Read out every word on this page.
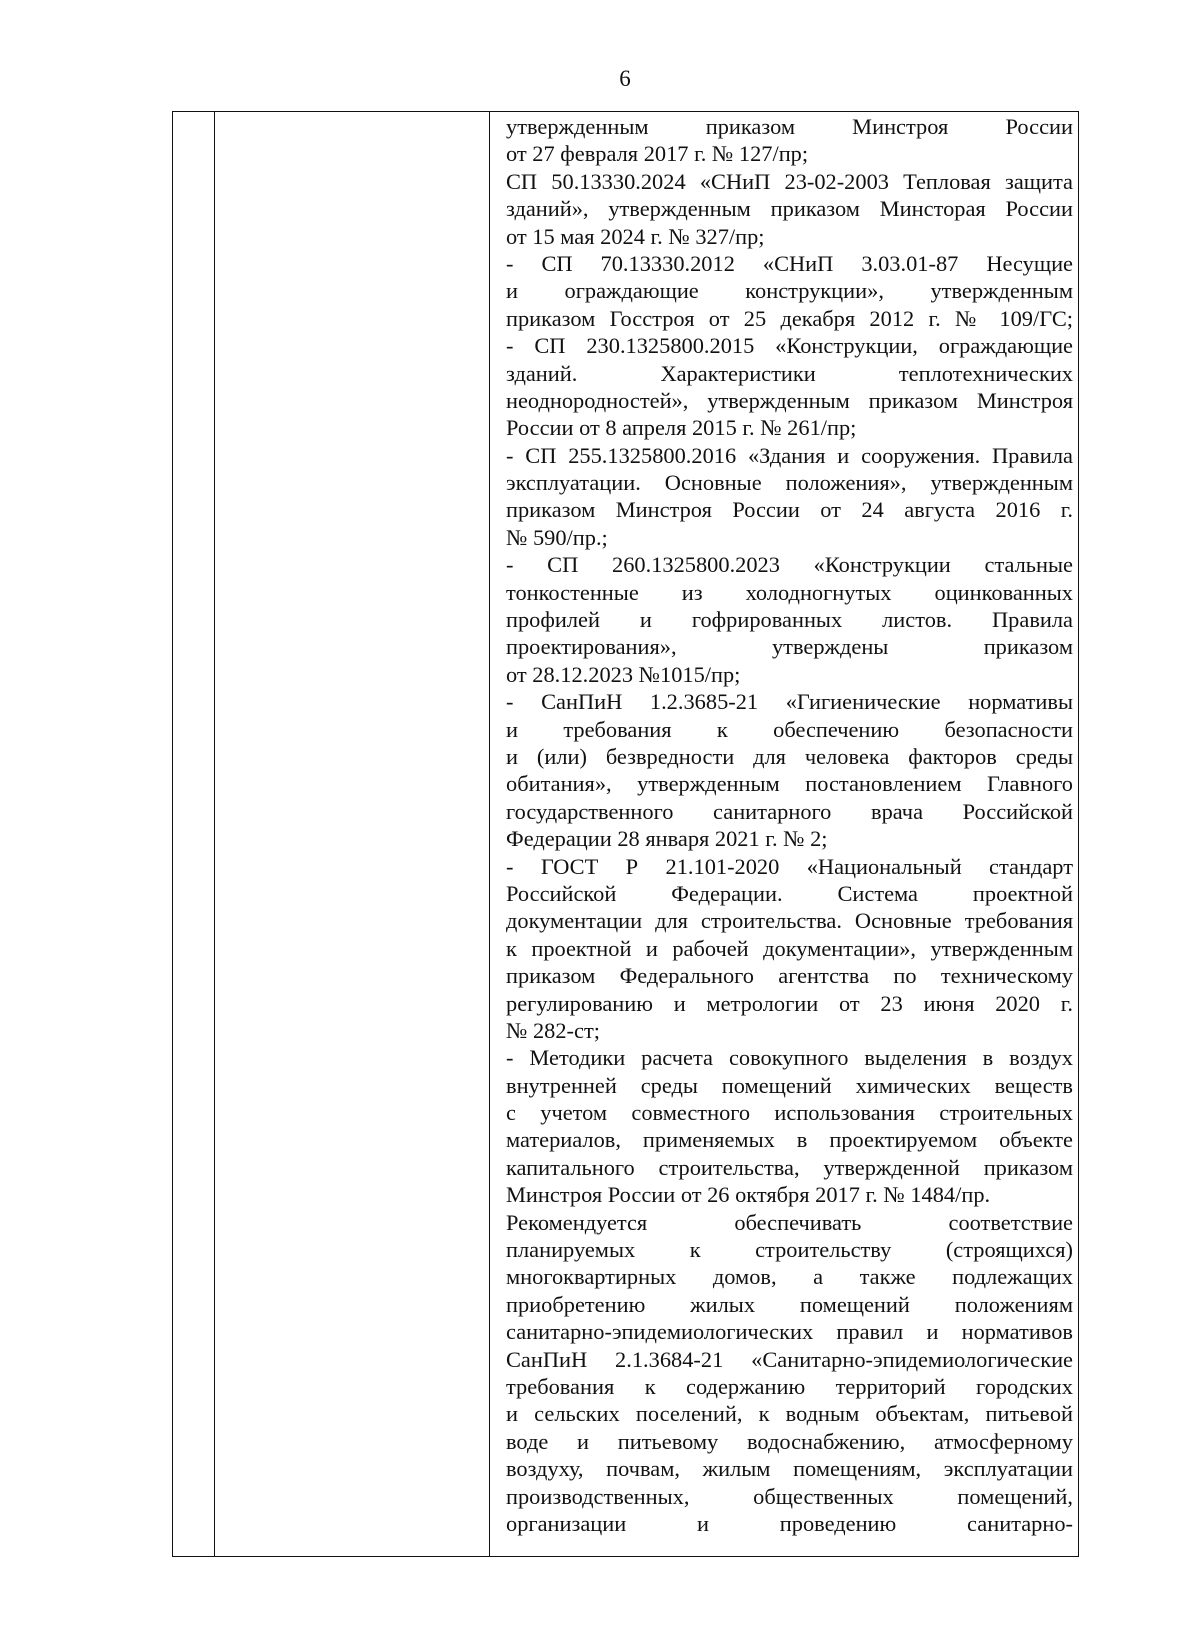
6
утвержденным приказом Минстроя России
от 27 февраля 2017 г. № 127/пр;
СП 50.13330.2024 «СНиП 23-02-2003 Тепловая защита
зданий», утвержденным приказом Минсторая России
от 15 мая 2024 г. № 327/пр;
- СП 70.13330.2012 «СНиП 3.03.01-87 Несущие
и ограждающие конструкции», утвержденным
приказом Госстроя от 25 декабря 2012 г. № 109/ГС;
- СП 230.1325800.2015 «Конструкции, ограждающие
зданий. Характеристики теплотехнических
неоднородностей», утвержденным приказом Минстроя
России от 8 апреля 2015 г. № 261/пр;
- СП 255.1325800.2016 «Здания и сооружения. Правила
эксплуатации. Основные положения», утвержденным
приказом Минстроя России от 24 августа 2016 г.
№ 590/пр.;
- СП 260.1325800.2023 «Конструкции стальные
тонкостенные из холодногнутых оцинкованных
профилей и гофрированных листов. Правила
проектирования», утверждены приказом
от 28.12.2023 №1015/пр;
- СанПиН 1.2.3685-21 «Гигиенические нормативы
и требования к обеспечению безопасности
и (или) безвредности для человека факторов среды
обитания», утвержденным постановлением Главного
государственного санитарного врача Российской
Федерации 28 января 2021 г. № 2;
- ГОСТ Р 21.101-2020 «Национальный стандарт
Российской Федерации. Система проектной
документации для строительства. Основные требования
к проектной и рабочей документации», утвержденным
приказом Федерального агентства по техническому
регулированию и метрологии от 23 июня 2020 г.
№ 282-ст;
- Методики расчета совокупного выделения в воздух
внутренней среды помещений химических веществ
с учетом совместного использования строительных
материалов, применяемых в проектируемом объекте
капитального строительства, утвержденной приказом
Минстроя России от 26 октября 2017 г. № 1484/пр.
Рекомендуется обеспечивать соответствие
планируемых к строительству (строящихся)
многоквартирных домов, а также подлежащих
приобретению жилых помещений положениям
санитарно-эпидемиологических правил и нормативов
СанПиН 2.1.3684-21 «Санитарно-эпидемиологические
требования к содержанию территорий городских
и сельских поселений, к водным объектам, питьевой
воде и питьевому водоснабжению, атмосферному
воздуху, почвам, жилым помещениям, эксплуатации
производственных, общественных помещений,
организации и проведению санитарно-
